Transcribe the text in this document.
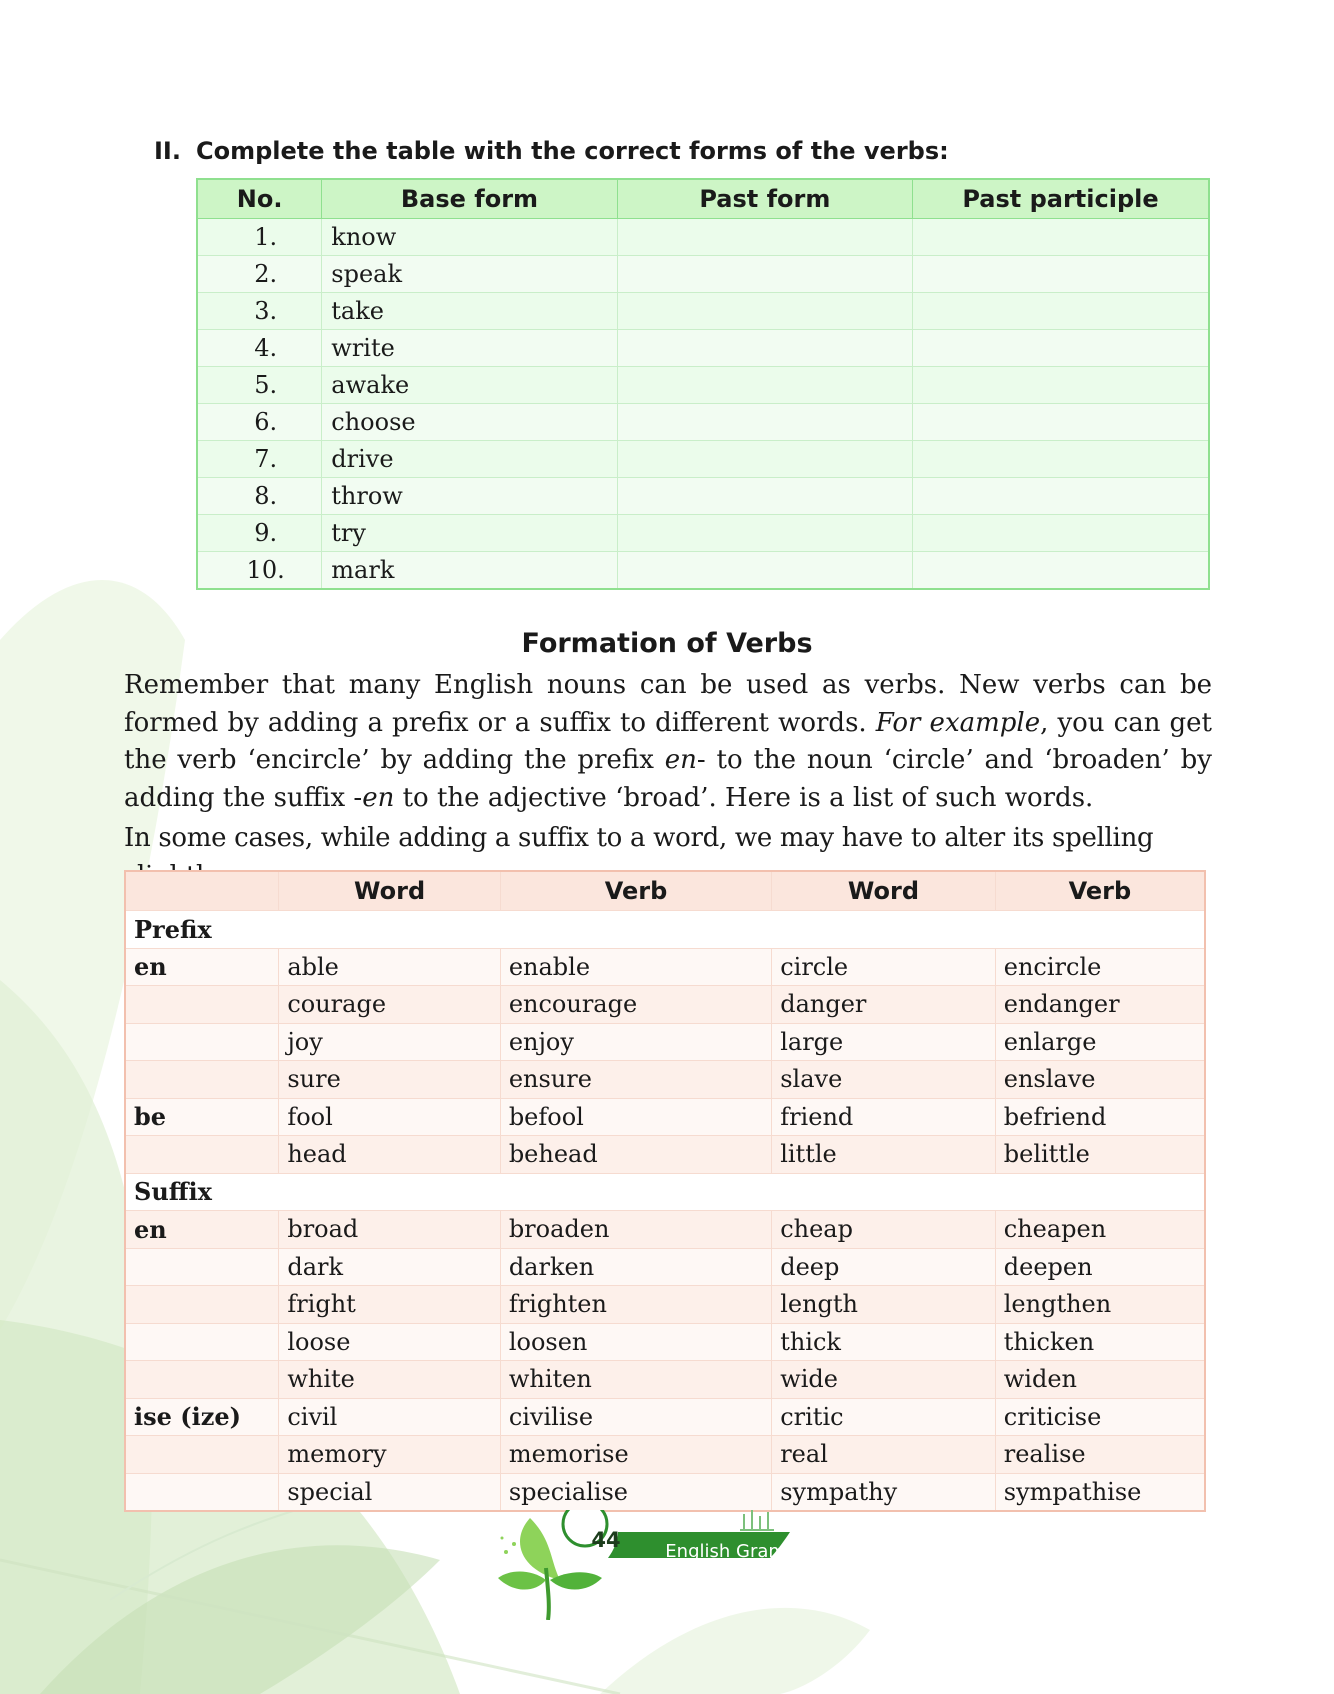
II. Complete the table with the correct forms of the verbs:
No.	Base form	Past form	Past participle
1.	know		
2.	speak		
3.	take		
4.	write		
5.	awake		
6.	choose		
7.	drive		
8.	throw		
9.	try		
10.	mark		
Formation of Verbs

Remember that many English nouns can be used as verbs. New verbs can be formed by adding a prefix or a suffix to different words. For example, you can get the verb ‘encircle’ by adding the prefix en- to the noun ‘circle’ and ‘broaden’ by adding the suffix -en to the adjective ‘broad’. Here is a list of such words.

In some cases, while adding a suffix to a word, we may have to alter its spelling

	Word	Verb	Word	Verb
Prefix				
en	able	enable	circle	encircle
	courage	encourage	danger	endanger
	joy	enjoy	large	enlarge
	sure	ensure	slave	enslave
be	fool	befool	friend	befriend
	head	behead	little	belittle
Suffix				
en	broad	broaden	cheap	cheapen
	dark	darken	deep	deepen
	fright	frighten	length	lengthen
	loose	loosen	thick	thicken
	white	whiten	wide	widen
ise (ize)	civil	civilise	critic	criticise
	memory	memorise	real	realise
	special	specialise	sympathy	sympathise
44 English Grammar-7
